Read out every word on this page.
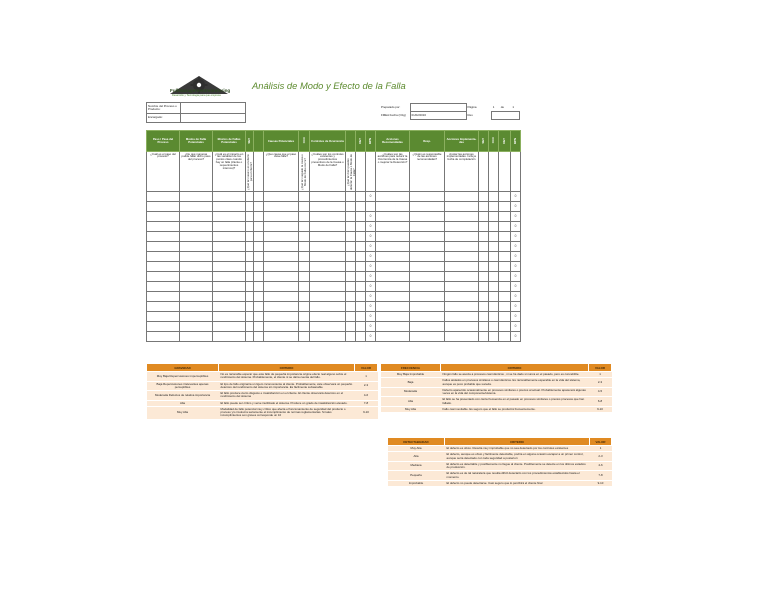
FullManagementmonitoring
Desarrollo y Tecnologia para que empresa
Análisis de Modo y Efecto de la Falla
Nombre del Proceso o Producto:	
Encargado:	
Preparado por:		Página	1	de	1
FMEA Fecha (Orig)	01/02/2016	Rev.			
Paso / Pasa del Proceso	Modos de Falla Potenciales	Efectos de Fallas Potenciales	SEV		Causas Potenciales	OCC	Controles de Ocurrencia		DET	RPN	Acciones Recomendadas	Resp.	Acciones Implementa-das	SEV	OCC	DET	RPN
¿Cuál es el paso del proceso?	¿De qué maneras puede fallar dicho paso del proceso?	¿Cuál es el impacto en las variables de los puntos clave cuando hay un falla (cliente o requerimientos internos)?	¿Qué tan severo es el efecto para el cliente?		¿Qué causa que el paso clave falle?	¿Qué tan seguido la causa o Modo de Falla ocurre?	¿Cuáles son los controles existentes y procedimientos preventivos de la Causa o Modo de Falla?	¿Qué tan bien puedes detectar la Causa o Modo de Falla?			¿Cuáles son las acciones para reducir la Ocurrencia de la Causa o mejorar la Detección?	¿Quién es responsable de las acciones recomendadas?	Anotar las acciones implementadas. Incluye fecha de completación				
										0							0
																	0
										0							0
										0							0
										0							0
										0							0
										0							0
										0							0
										0							0
										0							0
										0							0
										0							0
										0							0
										0							0
										0							0
GRAVEDAD	CRITERIO	VALOR
Muy Baja Repercusiones imperceptibles	No es razonable esperar que este fallo de pequeña importancia origine efecto real alguno sobre el rendimiento del sistema. Probablemente, el cliente ni se daría cuenta del fallo.	1
Baja Repercusiones irrelevantes apenas perceptibles	El tipo de fallo originaría un ligero inconveniente al cliente. Probablemente, éste observara un pequeño deterioro del rendimiento del sistema sin importancia. Es fácilmente subsanable	2-3
Moderada Defectos de relativa importancia	El fallo produce cierto disgusto e insatisfacción en el cliente. El cliente observará deterioro en el rendimiento del sistema	4-6
Alta	El fallo puede ser crítico y verse inutilizado el sistema. Produce un grado de insatisfacción elevado.	7-8
Muy Alta	Modalidad de fallo potencial muy crítico que afecta el funcionamiento de seguridad del producto o proceso y/o involucra seriamente el incumplimiento de normas reglamentarias. Si tales incumplimientos son graves corresponde un 10	9-10
FRECUENCIA	CRITERIO	VALOR
Muy Baja Improbable	Ningún fallo se asocia a procesos casi idénticos , ni se ha dado si nunca en el pasado, pero es concebible.	1
Baja	Fallos aislados en procesos similares o casi idénticos. Es razonablemente esperable en la vida del sistema, aunque es poco probable que suceda.	2-3
Moderada	Defecto aparecido ocasionalmente en procesos similares o previos al actual. Probablemente aparecerá algunas veces en la vida del componente/sistema.	4-5
Alta	El fallo se ha presentado con cierta frecuencia en el pasado en procesos similares o previos procesos que han fallado.	6-8
Muy Alta	Fallo casi inevitable. Es seguro que el fallo se producirá frecuentemente.	9-10
DETECTABILIDAD	CRITERIO	VALOR
Muy Alta	El defecto es obvio. Resulta muy improbable que no sea detectado por los controles existentes	1
Alta	El defecto, aunque es obvio y fácilmente detectable, podría en alguna ocasión escapar a un primer control, aunque sería detectado con toda seguridad a posteriori.	2-3
Mediana	El defecto es detectable y posiblemente no llegue al cliente. Posiblemente se detecte en los últimos estadios de producción.	4-6
Pequeña	El defecto es de tal naturaleza que resulta difícil detectarlo con los procedimientos establecidos hasta el momento.	7-8
Improbable	El defecto no puede detectarse. Casi seguro que lo percibirá el cliente final	9-10
